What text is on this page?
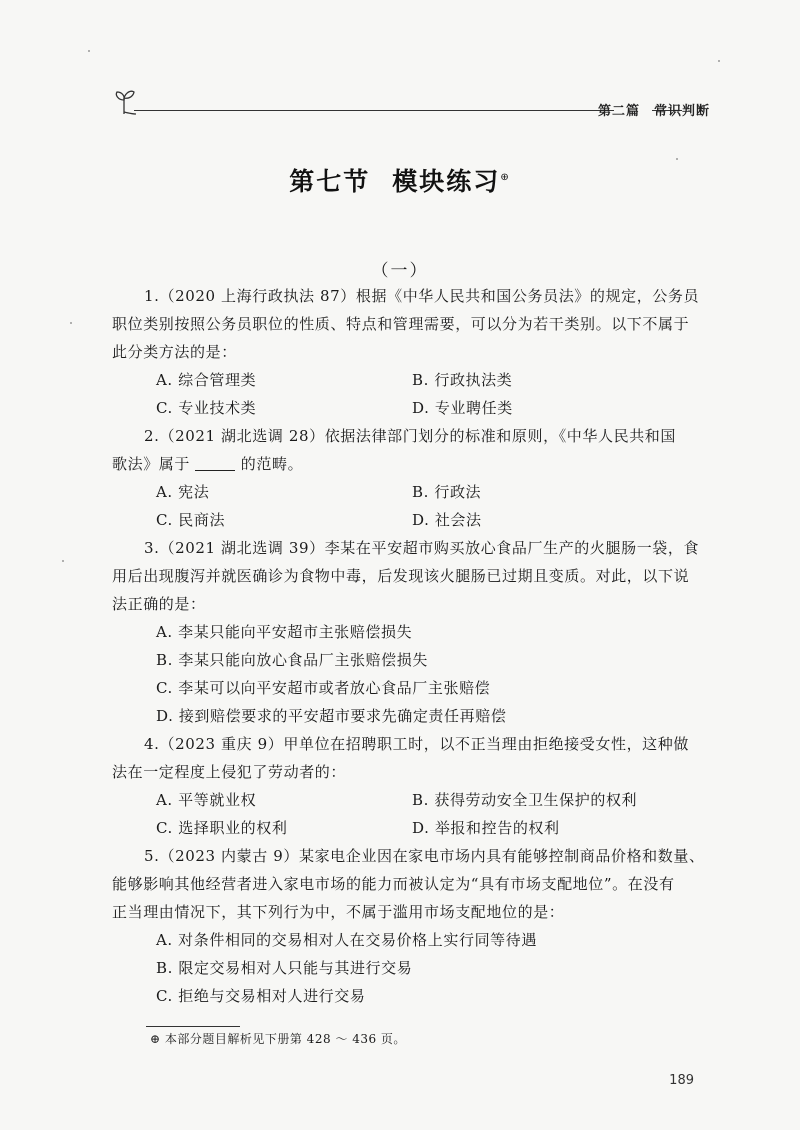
第二篇　常识判断
第七节 模块练习⊕
（一）
1.（2020 上海行政执法 87）根据《中华人民共和国公务员法》的规定，公务员
职位类别按照公务员职位的性质、特点和管理需要，可以分为若干类别。以下不属于
此分类方法的是：
A. 综合管理类	B. 行政执法类
C. 专业技术类	D. 专业聘任类
2.（2021 湖北选调 28）依据法律部门划分的标准和原则，《中华人民共和国
歌法》属于	的范畴。
A. 宪法	B. 行政法
C. 民商法	D. 社会法
3.（2021 湖北选调 39）李某在平安超市购买放心食品厂生产的火腿肠一袋，食
用后出现腹泻并就医确诊为食物中毒，后发现该火腿肠已过期且变质。对此，以下说
法正确的是：
A. 李某只能向平安超市主张赔偿损失
B. 李某只能向放心食品厂主张赔偿损失
C. 李某可以向平安超市或者放心食品厂主张赔偿
D. 接到赔偿要求的平安超市要求先确定责任再赔偿
4.（2023 重庆 9）甲单位在招聘职工时，以不正当理由拒绝接受女性，这种做
法在一定程度上侵犯了劳动者的：
A. 平等就业权	B. 获得劳动安全卫生保护的权利
C. 选择职业的权利	D. 举报和控告的权利
5.（2023 内蒙古 9）某家电企业因在家电市场内具有能够控制商品价格和数量、
能够影响其他经营者进入家电市场的能力而被认定为“具有市场支配地位”。在没有
正当理由情况下，其下列行为中，不属于滥用市场支配地位的是：
A. 对条件相同的交易相对人在交易价格上实行同等待遇
B. 限定交易相对人只能与其进行交易
C. 拒绝与交易相对人进行交易
⊕ 本部分题目解析见下册第 428 ～ 436 页。
189
